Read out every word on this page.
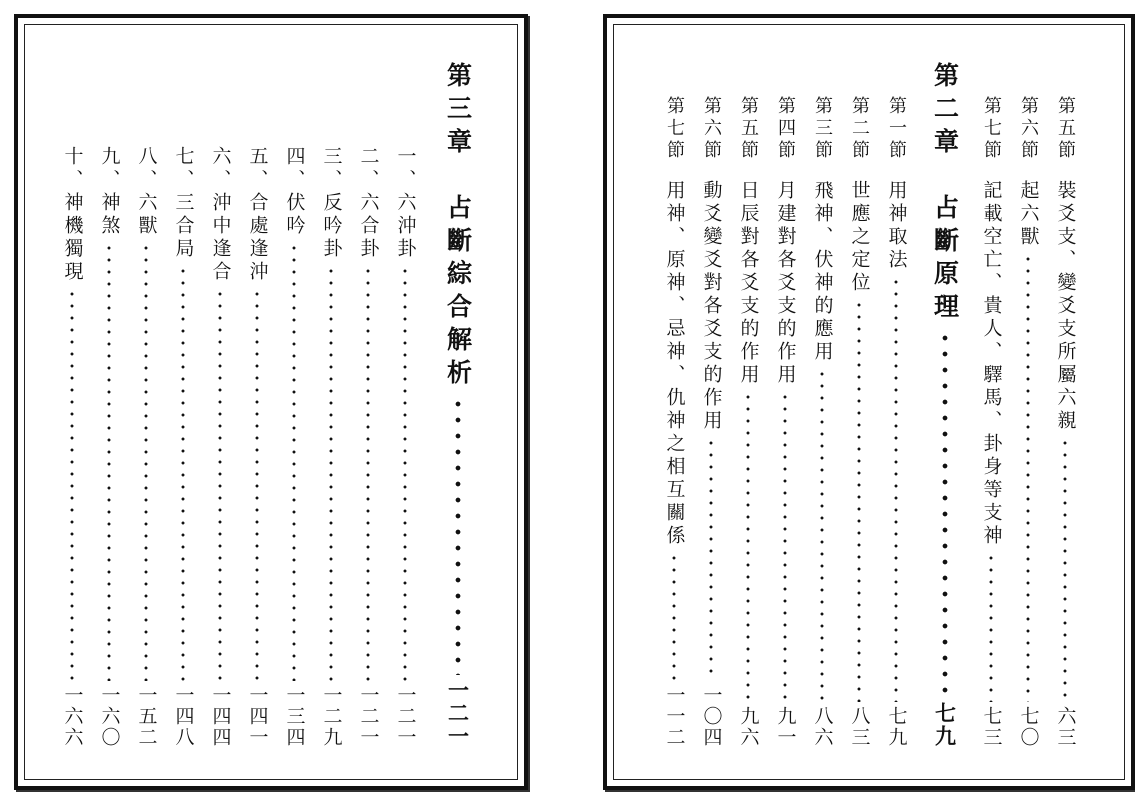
第三章　占斷綜合解析
一二一
一、六沖卦
一二一
二、六合卦
一二一
三、反吟卦
一二九
四、伏吟
一三四
五、合處逢沖
一四一
六、沖中逢合
一四四
七、三合局
一四八
八、六獸
一五二
九、神煞
一六〇
十、神機獨現
一六六
第五節
裝爻支、變爻支所屬六親
六三
第六節
起六獸
七〇
第七節
記載空亡、貴人、驛馬、卦身等支神
七三
第二章　占斷原理
七九
第一節
用神取法
七九
第二節
世應之定位
八三
第三節
飛神、伏神的應用
八六
第四節
月建對各爻支的作用
九一
第五節
日辰對各爻支的作用
九六
第六節
動爻變爻對各爻支的作用
一〇四
第七節
用神、原神、忌神、仇神之相互關係
一一二
